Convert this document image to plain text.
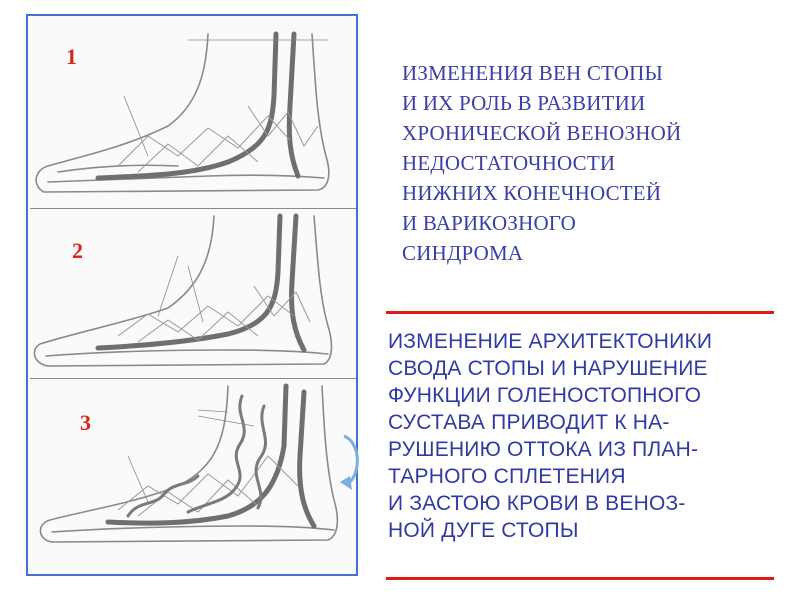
1
2
3
ИЗМЕНЕНИЯ ВЕН СТОПЫ
И ИХ РОЛЬ В РАЗВИТИИ
ХРОНИЧЕСКОЙ ВЕНОЗНОЙ
НЕДОСТАТОЧНОСТИ
НИЖНИХ КОНЕЧНОСТЕЙ
И ВАРИКОЗНОГО
СИНДРОМА
ИЗМЕНЕНИЕ АРХИТЕКТОНИКИ
СВОДА СТОПЫ И НАРУШЕНИЕ
ФУНКЦИИ ГОЛЕНОСТОПНОГО
СУСТАВА ПРИВОДИТ К НА-
РУШЕНИЮ ОТТОКА ИЗ ПЛАН-
ТАРНОГО СПЛЕТЕНИЯ
И ЗАСТОЮ КРОВИ В ВЕНОЗ-
НОЙ ДУГЕ СТОПЫ
